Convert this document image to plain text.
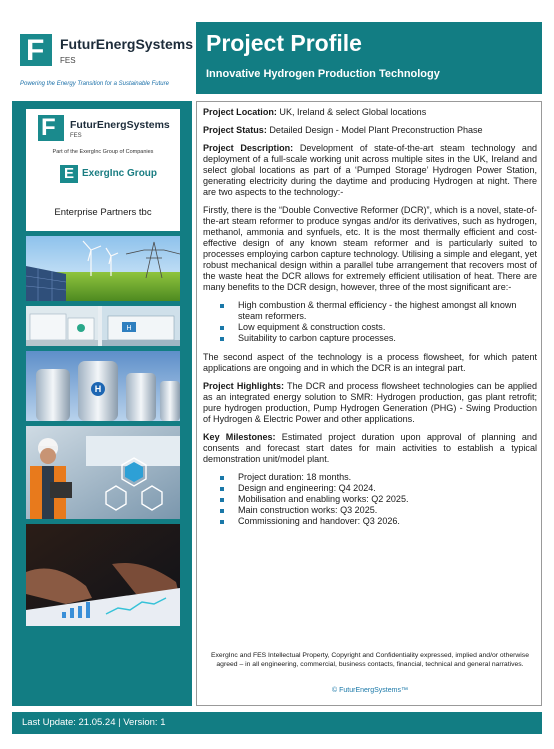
F FuturEnergSystems
FES
Powering the Energy Transition for a Sustainable Future
Project Profile
Innovative Hydrogen Production Technology
F FuturEnergSystems
FES
Part of the ExergInc Group of Companies
E ExergInc Group
Enterprise Partners tbc
H
H

Project Location: UK, Ireland & select Global locations

Project Status: Detailed Design - Model Plant Preconstruction Phase

Project Description: Development of state-of-the-art steam technology and deployment of a full-scale working unit across multiple sites in the UK, Ireland and select global locations as part of a ‘Pumped Storage’ Hydrogen Power Station, generating electricity during the daytime and producing Hydrogen at night. There are two aspects to the technology:-

Firstly, there is the “Double Convective Reformer (DCR)”, which is a novel, state-of-the-art steam reformer to produce syngas and/or its derivatives, such as hydrogen, methanol, ammonia and synfuels, etc. It is the most thermally efficient and cost-effective design of any known steam reformer and is particularly suited to processes employing carbon capture technology. Utilising a simple and elegant, yet robust mechanical design within a parallel tube arrangement that recovers most of the waste heat the DCR allows for extremely efficient utilisation of heat. There are many benefits to the DCR design, however, three of the most significant are:-

High combustion & thermal efficiency - the highest amongst all known steam reformers.
Low equipment & construction costs.
Suitability to carbon capture processes.

The second aspect of the technology is a process flowsheet, for which patent applications are ongoing and in which the DCR is an integral part.

Project Highlights: The DCR and process flowsheet technologies can be applied as an integrated energy solution to SMR: Hydrogen production, gas plant retrofit; pure hydrogen production, Pump Hydrogen Generation (PHG) - Swing Production of Hydrogen & Electric Power and other applications.

Key Milestones: Estimated project duration upon approval of planning and consents and forecast start dates for main activities to establish a typical demonstration unit/model plant.

Project duration: 18 months.
Design and engineering: Q4 2024.
Mobilisation and enabling works: Q2 2025.
Main construction works: Q3 2025.
Commissioning and handover: Q3 2026.
ExergInc and FES Intellectual Property, Copyright and Confidentiality expressed, implied and/or otherwise agreed – in all engineering, commercial, business contacts, financial, technical and general narratives.
© FuturEnergSystems™
Last Update: 21.05.24 | Version: 1
